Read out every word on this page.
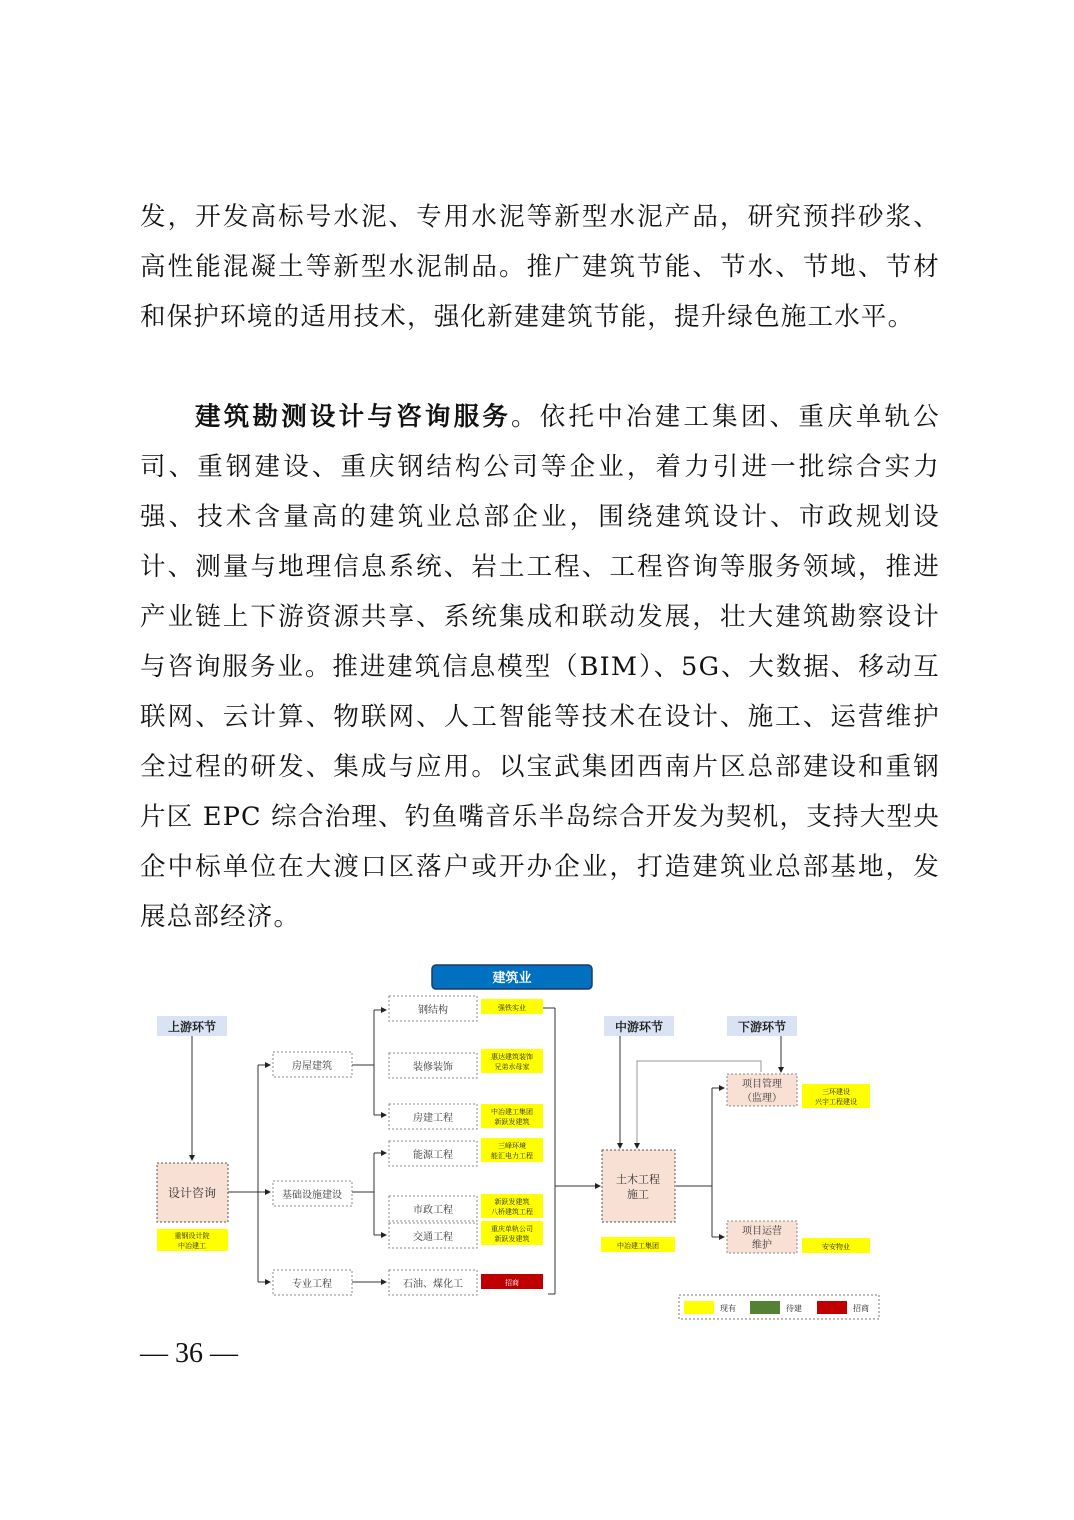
发，开发高标号水泥、专用水泥等新型水泥产品，研究预拌砂浆、高性能混凝土等新型水泥制品。推广建筑节能、节水、节地、节材和保护环境的适用技术，强化新建建筑节能，提升绿色施工水平。

建筑勘测设计与咨询服务。依托中冶建工集团、重庆单轨公司、重钢建设、重庆钢结构公司等企业，着力引进一批综合实力强、技术含量高的建筑业总部企业，围绕建筑设计、市政规划设计、测量与地理信息系统、岩土工程、工程咨询等服务领域，推进产业链上下游资源共享、系统集成和联动发展，壮大建筑勘察设计与咨询服务业。推进建筑信息模型（BIM）、5G、大数据、移动互联网、云计算、物联网、人工智能等技术在设计、施工、运营维护全过程的研发、集成与应用。以宝武集团西南片区总部建设和重钢片区 EPC 综合治理、钓鱼嘴音乐半岛综合开发为契机，支持大型央企中标单位在大渡口区落户或开办企业，打造建筑业总部基地，发展总部经济。

建筑业
上游环节	中游环节	下游环节
设计咨询
重钢设计院
中冶建工
房屋建筑
基础设施建设
专业工程
钢结构
装修装饰
房建工程
能源工程
市政工程
交通工程
石油、煤化工
强铁实业
惠达建筑装饰
兄弟水母家
中冶建工集团
新跃发建筑
三峰环境
能汇电力工程
新跃发建筑
八桥建筑工程
重庆单轨公司
新跃发建筑
招商
土木工程
施工
中冶建工集团
项目管理
（监理）
三环建设
兴宇工程建设
项目运营
维护	安安物业
现有	待建	招商
— 36 —
